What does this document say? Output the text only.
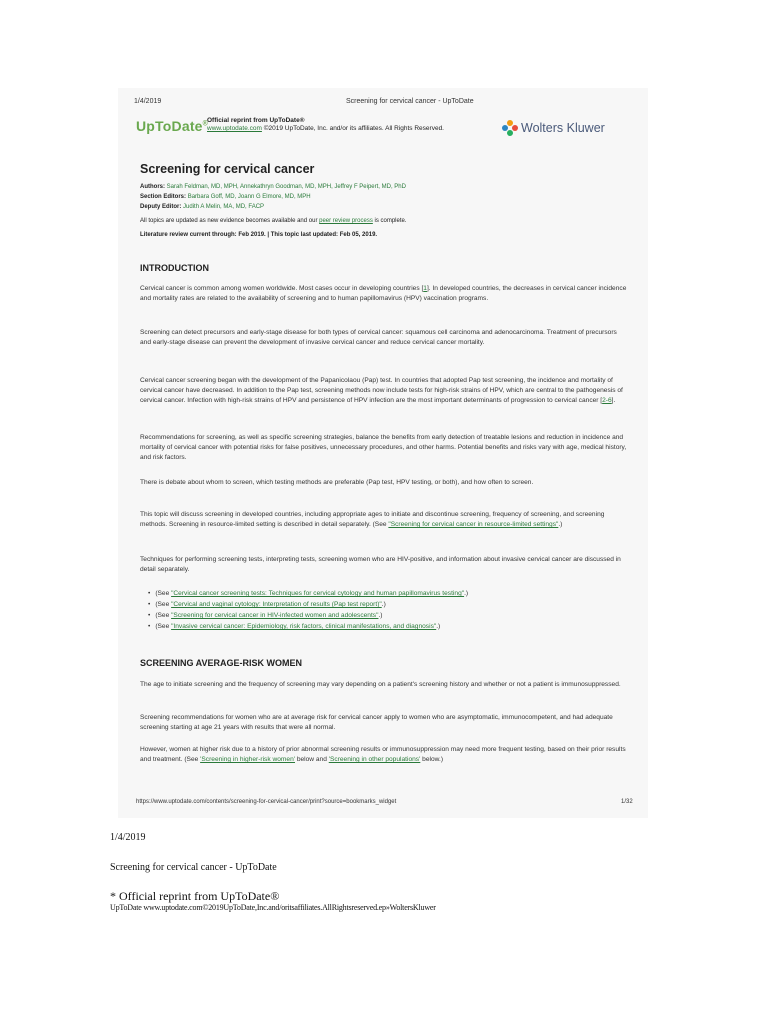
1/4/2019	Screening for cervical cancer - UpToDate
UpToDate®
Official reprint from UpToDate®
www.uptodate.com ©2019 UpToDate, Inc. and/or its affiliates. All Rights Reserved.	Wolters Kluwer
Screening for cervical cancer
Authors: Sarah Feldman, MD, MPH, Annekathryn Goodman, MD, MPH, Jeffrey F Peipert, MD, PhD
Section Editors: Barbara Goff, MD, Joann G Elmore, MD, MPH
Deputy Editor: Judith A Melin, MA, MD, FACP
All topics are updated as new evidence becomes available and our peer review process is complete.
Literature review current through: Feb 2019. | This topic last updated: Feb 05, 2019.
INTRODUCTION
Cervical cancer is common among women worldwide. Most cases occur in developing countries [1]. In developed countries, the decreases in cervical cancer incidence and mortality rates are related to the availability of screening and to human papillomavirus (HPV) vaccination programs.
Screening can detect precursors and early-stage disease for both types of cervical cancer: squamous cell carcinoma and adenocarcinoma. Treatment of precursors and early-stage disease can prevent the development of invasive cervical cancer and reduce cervical cancer mortality.
Cervical cancer screening began with the development of the Papanicolaou (Pap) test. In countries that adopted Pap test screening, the incidence and mortality of cervical cancer have decreased. In addition to the Pap test, screening methods now include tests for high-risk strains of HPV, which are central to the pathogenesis of cervical cancer. Infection with high-risk strains of HPV and persistence of HPV infection are the most important determinants of progression to cervical cancer [2-6].
Recommendations for screening, as well as specific screening strategies, balance the benefits from early detection of treatable lesions and reduction in incidence and mortality of cervical cancer with potential risks for false positives, unnecessary procedures, and other harms. Potential benefits and risks vary with age, medical history, and risk factors.
There is debate about whom to screen, which testing methods are preferable (Pap test, HPV testing, or both), and how often to screen.
This topic will discuss screening in developed countries, including appropriate ages to initiate and discontinue screening, frequency of screening, and screening methods. Screening in resource-limited setting is described in detail separately. (See "Screening for cervical cancer in resource-limited settings".)
Techniques for performing screening tests, interpreting tests, screening women who are HIV-positive, and information about invasive cervical cancer are discussed in detail separately.
• (See "Cervical cancer screening tests: Techniques for cervical cytology and human papillomavirus testing".)
• (See "Cervical and vaginal cytology: Interpretation of results (Pap test report)".)
• (See "Screening for cervical cancer in HIV-infected women and adolescents".)
• (See "Invasive cervical cancer: Epidemiology, risk factors, clinical manifestations, and diagnosis".)
SCREENING AVERAGE-RISK WOMEN
The age to initiate screening and the frequency of screening may vary depending on a patient's screening history and whether or not a patient is immunosuppressed.
Screening recommendations for women who are at average risk for cervical cancer apply to women who are asymptomatic, immunocompetent, and had adequate screening starting at age 21 years with results that were all normal.
However, women at higher risk due to a history of prior abnormal screening results or immunosuppression may need more frequent testing, based on their prior results and treatment. (See 'Screening in higher-risk women' below and 'Screening in other populations' below.)
https://www.uptodate.com/contents/screening-for-cervical-cancer/print?source=bookmarks_widget	1/32
1/4/2019
Screening for cervical cancer - UpToDate
* Official reprint from UpToDate®
UpToDate www.uptodate.com©2019UpToDate,Inc.and/oritsaffiliates.AllRightsreserved.ep»WoltersKluwer
